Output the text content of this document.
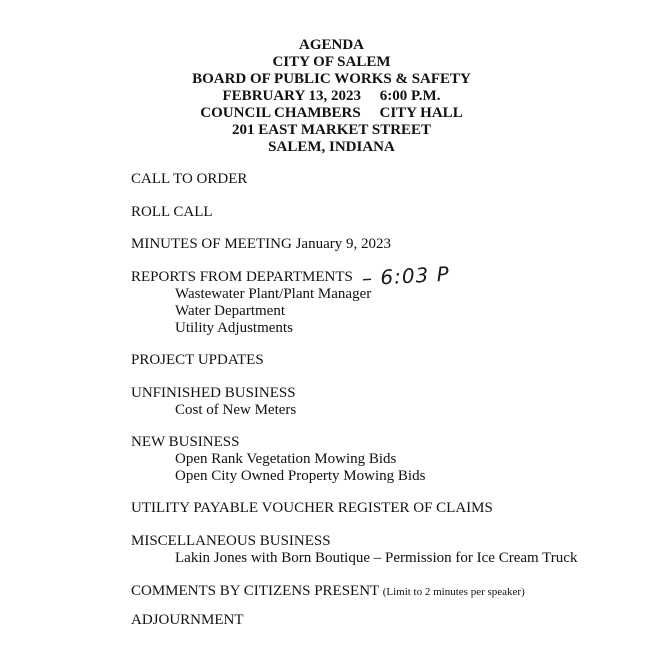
AGENDA
CITY OF SALEM
BOARD OF PUBLIC WORKS & SAFETY
FEBRUARY 13, 2023     6:00 P.M.
COUNCIL CHAMBERS     CITY HALL
201 EAST MARKET STREET
SALEM, INDIANA
CALL TO ORDER
ROLL CALL
MINUTES OF MEETING January 9, 2023
REPORTS FROM DEPARTMENTS
Wastewater Plant/Plant Manager
Water Department
Utility Adjustments
– 6:03 P
PROJECT UPDATES
UNFINISHED BUSINESS
Cost of New Meters
NEW BUSINESS
Open Rank Vegetation Mowing Bids
Open City Owned Property Mowing Bids
UTILITY PAYABLE VOUCHER REGISTER OF CLAIMS
MISCELLANEOUS BUSINESS
Lakin Jones with Born Boutique – Permission for Ice Cream Truck
COMMENTS BY CITIZENS PRESENT (Limit to 2 minutes per speaker)
ADJOURNMENT
